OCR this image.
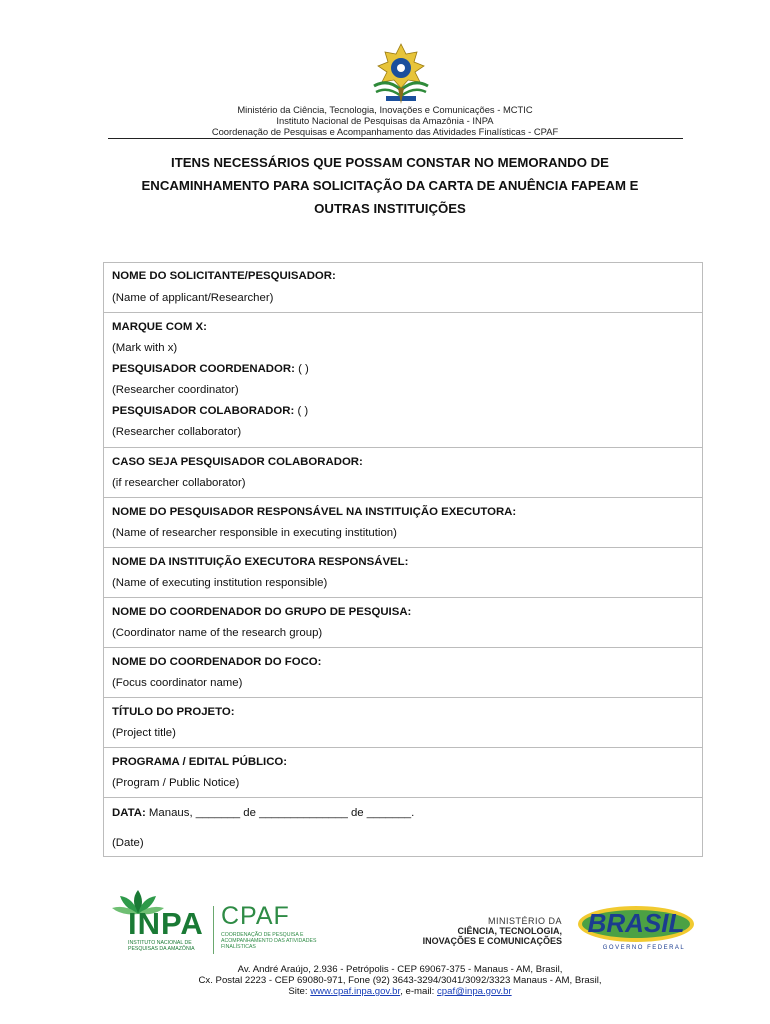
Ministério da Ciência, Tecnologia, Inovações e Comunicações - MCTIC
Instituto Nacional de Pesquisas da Amazônia - INPA
Coordenação de Pesquisas e Acompanhamento das Atividades Finalísticas - CPAF
ITENS NECESSÁRIOS QUE POSSAM CONSTAR NO MEMORANDO DE
ENCAMINHAMENTO PARA SOLICITAÇÃO DA CARTA DE ANUÊNCIA FAPEAM E
OUTRAS INSTITUIÇÕES
NOME DO SOLICITANTE/PESQUISADOR:
(Name of applicant/Researcher)
MARQUE COM X:
(Mark with x)
PESQUISADOR COORDENADOR: ( )
(Researcher coordinator)
PESQUISADOR COLABORADOR: ( )
(Researcher collaborator)
CASO SEJA PESQUISADOR COLABORADOR:
(if researcher collaborator)
NOME DO PESQUISADOR RESPONSÁVEL NA INSTITUIÇÃO EXECUTORA:
(Name of researcher responsible in executing institution)
NOME DA INSTITUIÇÃO EXECUTORA RESPONSÁVEL:
(Name of executing institution responsible)
NOME DO COORDENADOR DO GRUPO DE PESQUISA:
(Coordinator name of the research group)
NOME DO COORDENADOR DO FOCO:
(Focus coordinator name)
TÍTULO DO PROJETO:
(Project title)
PROGRAMA / EDITAL PÚBLICO:
(Program / Public Notice)
DATA: Manaus, _______ de ______________ de _______.
(Date)
INPA
INSTITUTO NACIONAL DE PESQUISAS DA AMAZÔNIA
CPAF
COORDENAÇÃO DE PESQUISA E ACOMPANHAMENTO DAS ATIVIDADES FINALÍSTICAS
MINISTÉRIO DA
CIÊNCIA, TECNOLOGIA,
INOVAÇÕES E COMUNICAÇÕES
BRASIL
GOVERNO FEDERAL
Av. André Araújo, 2.936 - Petrópolis - CEP 69067-375 - Manaus - AM, Brasil,
Cx. Postal 2223 - CEP 69080-971, Fone (92) 3643-3294/3041/3092/3323 Manaus - AM, Brasil,
Site: www.cpaf.inpa.gov.br, e-mail: cpaf@inpa.gov.br
